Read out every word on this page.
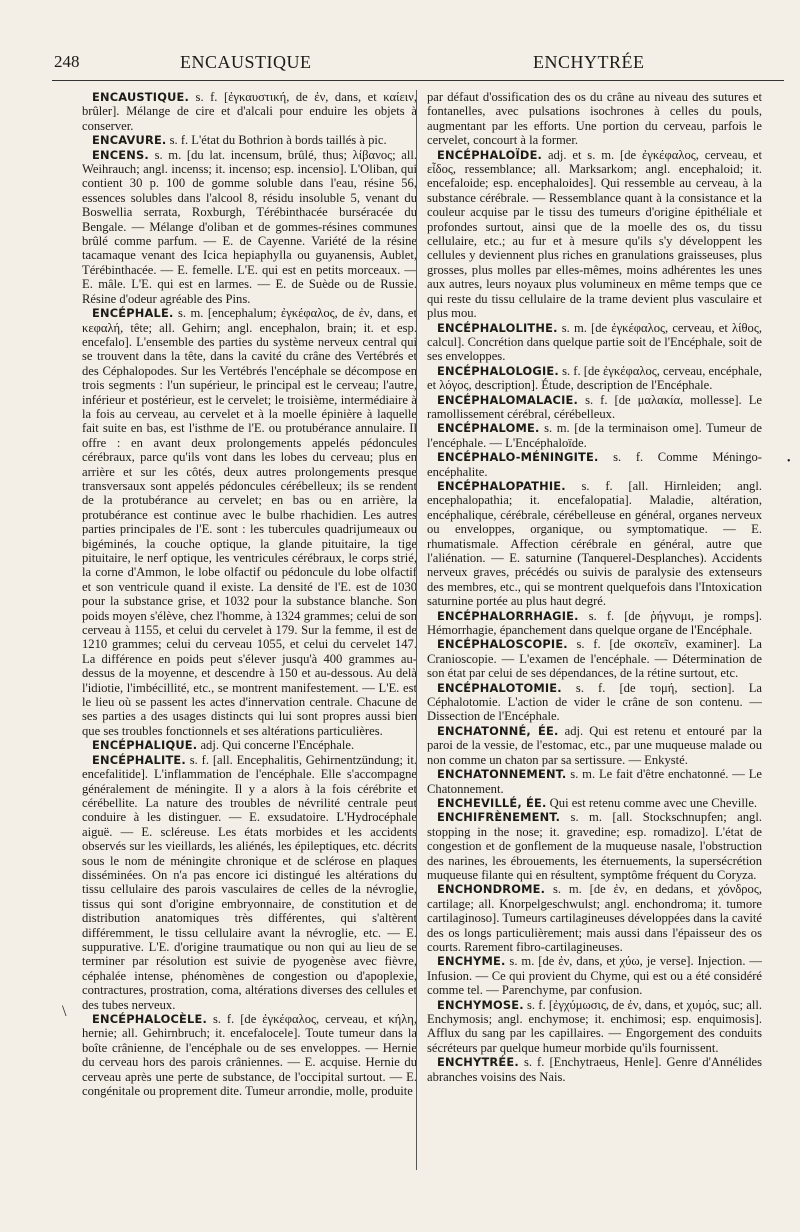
248	ENCAUSTIQUE	ENCHYTRÉE

ENCAUSTIQUE. s. f. [ἐγκαυστική, de ἐν, dans, et καίειν, brûler]. Mélange de cire et d'alcali pour enduire les objets à conserver.

ENCAVURE. s. f. L'état du Bothrion à bords taillés à pic.

ENCENS. s. m. [du lat. incensum, brûlé, thus; λίβανος; all. Weihrauch; angl. incenss; it. incenso; esp. incensio]. L'Oliban, qui contient 30 p. 100 de gomme soluble dans l'eau, résine 56, essences solubles dans l'alcool 8, résidu insoluble 5, venant du Boswellia serrata, Roxburgh, Térébinthacée burséracée du Bengale. — Mélange d'oliban et de gommes-résines communes brûlé comme parfum. — E. de Cayenne. Variété de la résine tacamaque venant des Icica hepiaphylla ou guyanensis, Aublet, Térébinthacée. — E. femelle. L'E. qui est en petits morceaux. — E. mâle. L'E. qui est en larmes. — E. de Suède ou de Russie. Résine d'odeur agréable des Pins.

ENCÉPHALE. s. m. [encephalum; ἐγκέφαλος, de ἐν, dans, et κεφαλή, tête; all. Gehirn; angl. encephalon, brain; it. et esp. encefalo]. L'ensemble des parties du système nerveux central qui se trouvent dans la tête, dans la cavité du crâne des Vertébrés et des Céphalopodes. Sur les Vertébrés l'encéphale se décompose en trois segments : l'un supérieur, le principal est le cerveau; l'autre, inférieur et postérieur, est le cervelet; le troisième, intermédiaire à la fois au cerveau, au cervelet et à la moelle épinière à laquelle fait suite en bas, est l'isthme de l'E. ou protubérance annulaire. Il offre : en avant deux prolongements appelés pédoncules cérébraux, parce qu'ils vont dans les lobes du cerveau; plus en arrière et sur les côtés, deux autres prolongements presque transversaux sont appelés pédoncules cérébelleux; ils se rendent de la protubérance au cervelet; en bas ou en arrière, la protubérance est continue avec le bulbe rhachidien. Les autres parties principales de l'E. sont : les tubercules quadrijumeaux ou bigéminés, la couche optique, la glande pituitaire, la tige pituitaire, le nerf optique, les ventricules cérébraux, le corps strié, la corne d'Ammon, le lobe olfactif ou pédoncule du lobe olfactif et son ventricule quand il existe. La densité de l'E. est de 1030 pour la substance grise, et 1032 pour la substance blanche. Son poids moyen s'élève, chez l'homme, à 1324 grammes; celui de son cerveau à 1155, et celui du cervelet à 179. Sur la femme, il est de 1210 grammes; celui du cerveau 1055, et celui du cervelet 147. La différence en poids peut s'élever jusqu'à 400 grammes au-dessus de la moyenne, et descendre à 150 et au-dessous. Au delà l'idiotie, l'imbécillité, etc., se montrent manifestement. — L'E. est le lieu où se passent les actes d'innervation centrale. Chacune de ses parties a des usages distincts qui lui sont propres aussi bien que ses troubles fonctionnels et ses altérations particulières.

ENCÉPHALIQUE. adj. Qui concerne l'Encéphale.

ENCÉPHALITE. s. f. [all. Encephalitis, Gehirnentzündung; it. encefalitide]. L'inflammation de l'encéphale. Elle s'accompagne généralement de méningite. Il y a alors à la fois cérébrite et cérébellite. La nature des troubles de névrilité centrale peut conduire à les distinguer. — E. exsudatoire. L'Hydrocéphale aiguë. — E. scléreuse. Les états morbides et les accidents observés sur les vieillards, les aliénés, les épileptiques, etc. décrits sous le nom de méningite chronique et de sclérose en plaques disséminées. On n'a pas encore ici distingué les altérations du tissu cellulaire des parois vasculaires de celles de la névroglie, tissus qui sont d'origine embryonnaire, de constitution et de distribution anatomiques très différentes, qui s'altèrent différemment, le tissu cellulaire avant la névroglie, etc. — E. suppurative. L'E. d'origine traumatique ou non qui au lieu de se terminer par résolution est suivie de pyogenèse avec fièvre, céphalée intense, phénomènes de congestion ou d'apoplexie, contractures, prostration, coma, altérations diverses des cellules et des tubes nerveux.

ENCÉPHALOCÈLE. s. f. [de ἐγκέφαλος, cerveau, et κήλη, hernie; all. Gehirnbruch; it. encefalocele]. Toute tumeur dans la boîte crânienne, de l'encéphale ou de ses enveloppes. — Hernie du cerveau hors des parois crâniennes. — E. acquise. Hernie du cerveau après une perte de substance, de l'occipital surtout. — E. congénitale ou proprement dite. Tumeur arrondie, molle, produite

par défaut d'ossification des os du crâne au niveau des sutures et fontanelles, avec pulsations isochrones à celles du pouls, augmentant par les efforts. Une portion du cerveau, parfois le cervelet, concourt à la former.

ENCÉPHALOÏDE. adj. et s. m. [de ἐγκέφαλος, cerveau, et εἶδος, ressemblance; all. Marksarkom; angl. encephaloid; it. encefaloide; esp. encephaloides]. Qui ressemble au cerveau, à la substance cérébrale. — Ressemblance quant à la consistance et la couleur acquise par le tissu des tumeurs d'origine épithéliale et profondes surtout, ainsi que de la moelle des os, du tissu cellulaire, etc.; au fur et à mesure qu'ils s'y développent les cellules y deviennent plus riches en granulations graisseuses, plus grosses, plus molles par elles-mêmes, moins adhérentes les unes aux autres, leurs noyaux plus volumineux en même temps que ce qui reste du tissu cellulaire de la trame devient plus vasculaire et plus mou.

ENCÉPHALOLITHE. s. m. [de ἐγκέφαλος, cerveau, et λίθος, calcul]. Concrétion dans quelque partie soit de l'Encéphale, soit de ses enveloppes.

ENCÉPHALOLOGIE. s. f. [de ἐγκέφαλος, cerveau, encéphale, et λόγος, description]. Étude, description de l'Encéphale.

ENCÉPHALOMALACIE. s. f. [de μαλακία, mollesse]. Le ramollissement cérébral, cérébelleux.

ENCÉPHALOME. s. m. [de la terminaison ome]. Tumeur de l'encéphale. — L'Encéphaloïde.

ENCÉPHALO-MÉNINGITE. s. f. Comme Méningo-encéphalite.

ENCÉPHALOPATHIE. s. f. [all. Hirnleiden; angl. encephalopathia; it. encefalopatia]. Maladie, altération, encéphalique, cérébrale, cérébelleuse en général, organes nerveux ou enveloppes, organique, ou symptomatique. — E. rhumatismale. Affection cérébrale en général, autre que l'aliénation. — E. saturnine (Tanquerel-Desplanches). Accidents nerveux graves, précédés ou suivis de paralysie des extenseurs des membres, etc., qui se montrent quelquefois dans l'Intoxication saturnine portée au plus haut degré.

ENCÉPHALORRHAGIE. s. f. [de ῥήγνυμι, je romps]. Hémorrhagie, épanchement dans quelque organe de l'Encéphale.

ENCÉPHALOSCOPIE. s. f. [de σκοπεῖν, examiner]. La Cranioscopie. — L'examen de l'encéphale. — Détermination de son état par celui de ses dépendances, de la rétine surtout, etc.

ENCÉPHALOTOMIE. s. f. [de τομή, section]. La Céphalotomie. L'action de vider le crâne de son contenu. — Dissection de l'Encéphale.

ENCHATONNÉ, ÉE. adj. Qui est retenu et entouré par la paroi de la vessie, de l'estomac, etc., par une muqueuse malade ou non comme un chaton par sa sertissure. — Enkysté.

ENCHATONNEMENT. s. m. Le fait d'être enchatonné. — Le Chatonnement.

ENCHEVILLÉ, ÉE. Qui est retenu comme avec une Cheville.

ENCHIFRÈNEMENT. s. m. [all. Stockschnupfen; angl. stopping in the nose; it. gravedine; esp. romadizo]. L'état de congestion et de gonflement de la muqueuse nasale, l'obstruction des narines, les ébrouements, les éternuements, la supersécrétion muqueuse filante qui en résultent, symptôme fréquent du Coryza.

ENCHONDROME. s. m. [de ἐν, en dedans, et χόνδρος, cartilage; all. Knorpelgeschwulst; angl. enchondroma; it. tumore cartilaginoso]. Tumeurs cartilagineuses développées dans la cavité des os longs particulièrement; mais aussi dans l'épaisseur des os courts. Rarement fibro-cartilagineuses.

ENCHYME. s. m. [de ἐν, dans, et χύω, je verse]. Injection. — Infusion. — Ce qui provient du Chyme, qui est ou a été considéré comme tel. — Parenchyme, par confusion.

ENCHYMOSE. s. f. [ἐγχύμωσις, de ἐν, dans, et χυμός, suc; all. Enchymosis; angl. enchymose; it. enchimosi; esp. enquimosis]. Afflux du sang par les capillaires. — Engorgement des conduits sécréteurs par quelque humeur morbide qu'ils fournissent.

ENCHYTRÉE. s. f. [Enchytraeus, Henle]. Genre d'Annélides abranches voisins des Nais.

\
•
